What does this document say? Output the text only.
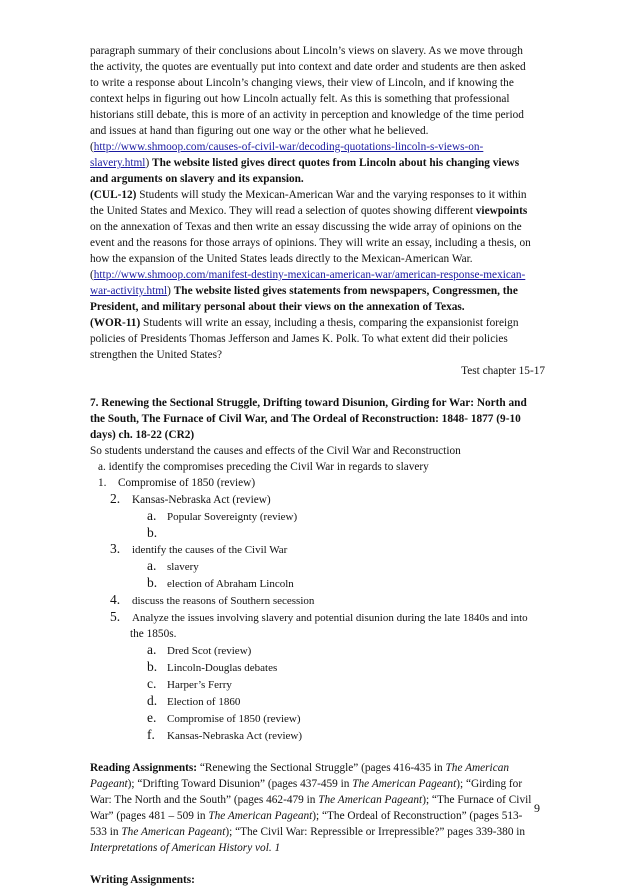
paragraph summary of their conclusions about Lincoln’s views on slavery. As we move through

the activity, the quotes are eventually put into context and date order and students are then asked

to write a response about Lincoln’s changing views, their view of Lincoln, and if knowing the

context helps in figuring out how Lincoln actually felt. As this is something that professional

historians still debate, this is more of an activity in perception and knowledge of the time period

and issues at hand than figuring out one way or the other what he believed.

(http://www.shmoop.com/causes-of-civil-war/decoding-quotations-lincoln-s-views-on-

slavery.html) The website listed gives direct quotes from Lincoln about his changing views

and arguments on slavery and its expansion.

(CUL-12) Students will study the Mexican-American War and the varying responses to it within

the United States and Mexico. They will read a selection of quotes showing different viewpoints

on the annexation of Texas and then write an essay discussing the wide array of opinions on the

event and the reasons for those arrays of opinions. They will write an essay, including a thesis, on

how the expansion of the United States leads directly to the Mexican-American War.

(http://www.shmoop.com/manifest-destiny-mexican-american-war/american-response-mexican-

war-activity.html) The website listed gives statements from newspapers, Congressmen, the

President, and military personal about their views on the annexation of Texas.

(WOR-11) Students will write an essay, including a thesis, comparing the expansionist foreign

policies of Presidents Thomas Jefferson and James K. Polk. To what extent did their policies

strengthen the United States?

Test chapter 15-17

7. Renewing the Sectional Struggle, Drifting toward Disunion, Girding for War: North and

the South, The Furnace of Civil War, and The Ordeal of Reconstruction: 1848- 1877 (9-10

days) ch. 18-22 (CR2)

So students understand the causes and effects of the Civil War and Reconstruction

a. identify the compromises preceding the Civil War in regards to slavery

1.	Compromise of 1850 (review)
2.	Kansas-Nebraska Act (review)
a. Popular Sovereignty (review)
b.
3.	identify the causes of the Civil War
a. slavery
b. election of Abraham Lincoln
4.	discuss the reasons of Southern secession
5.	Analyze the issues involving slavery and potential disunion during the late 1840s and into

the 1850s.

a. Dred Scot (review)
b. Lincoln-Douglas debates
c. Harper’s Ferry
d. Election of 1860
e. Compromise of 1850 (review)
f.	Kansas-Nebraska Act (review)

Reading Assignments: “Renewing the Sectional Struggle” (pages 416-435 in The American

Pageant); “Drifting Toward Disunion” (pages 437-459 in The American Pageant); “Girding for

War: The North and the South” (pages 462-479 in The American Pageant); “The Furnace of Civil

War” (pages 481 – 509 in The American Pageant); “The Ordeal of Reconstruction” (pages 513-

533 in The American Pageant); “The Civil War: Repressible or Irrepressible?” pages 339-380 in

Interpretations of American History vol. 1

Writing Assignments:

9
